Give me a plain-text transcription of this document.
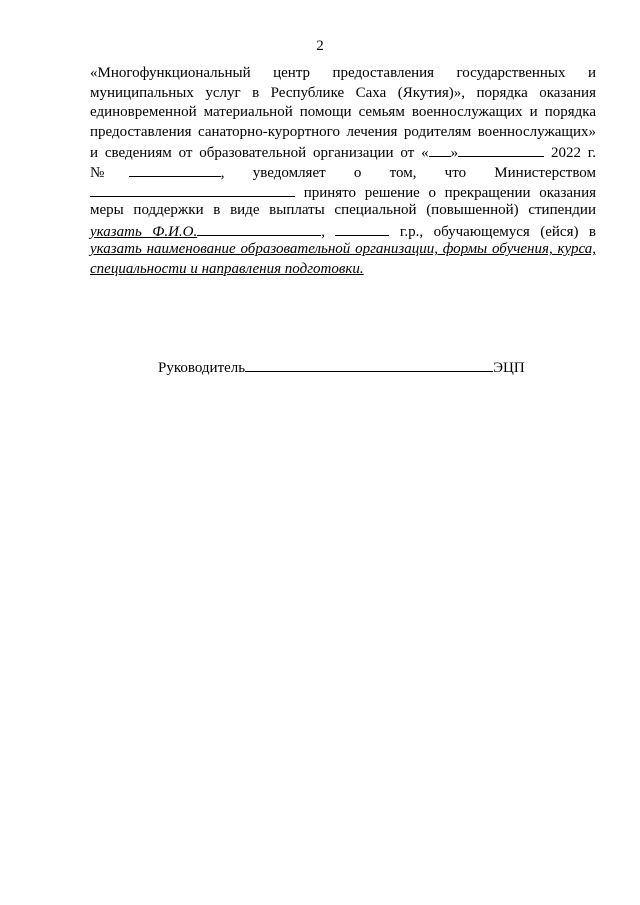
2
«Многофункциональный центр предоставления государственных и
муниципальных услуг в Республике Саха (Якутия)», порядка оказания
единовременной материальной помощи семьям военнослужащих и порядка
предоставления санаторно-курортного лечения родителям военнослужащих»
и сведениям от образовательной организации от « »	2022 г.
№	, уведомляет о том, что Министерством
принято решение о прекращении оказания
меры поддержки в виде выплаты специальной (повышенной) стипендии
указать Ф.И.О.	,	г.р., обучающемуся (ейся) в
указать наименование образовательной организации, формы обучения, курса,
специальности и направления подготовки.
Руководитель	ЭЦП
